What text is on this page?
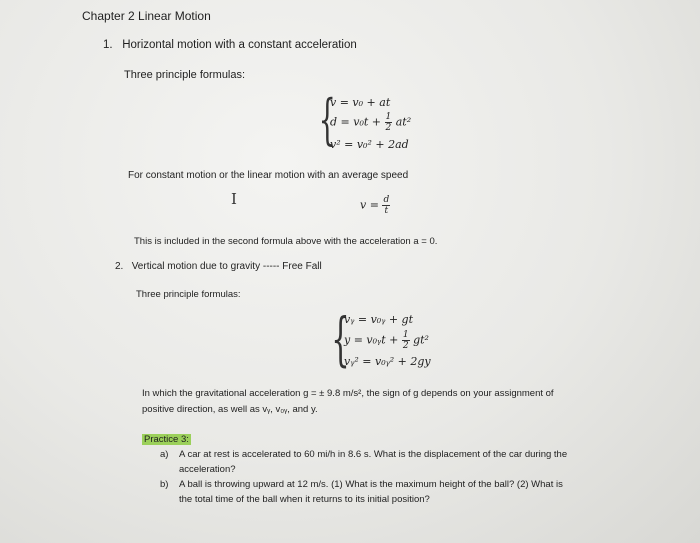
Chapter 2 Linear Motion
1. Horizontal motion with a constant acceleration
Three principle formulas:
{
v = v₀ + at
$d = v_0t + \frac{1}{2} at^2$
v² = v₀² + 2ad
For constant motion or the linear motion with an average speed
I	$v = \frac{d}{t}$
This is included in the second formula above with the acceleration a = 0.
2. Vertical motion due to gravity ----- Free Fall
Three principle formulas:
{
vᵧ = v₀ᵧ + gt
y = v₀ᵧt + $\frac{1}{2} gt^2$
vᵧ² = v₀ᵧ² + 2gy
In which the gravitational acceleration g = ± 9.8 m/s², the sign of g depends on your assignment of
positive direction, as well as vᵧ, v₀ᵧ, and y.
Practice 3:
a) A car at rest is accelerated to 60 mi/h in 8.6 s. What is the displacement of the car during the
acceleration?
b) A ball is throwing upward at 12 m/s. (1) What is the maximum height of the ball? (2) What is
the total time of the ball when it returns to its initial position?
